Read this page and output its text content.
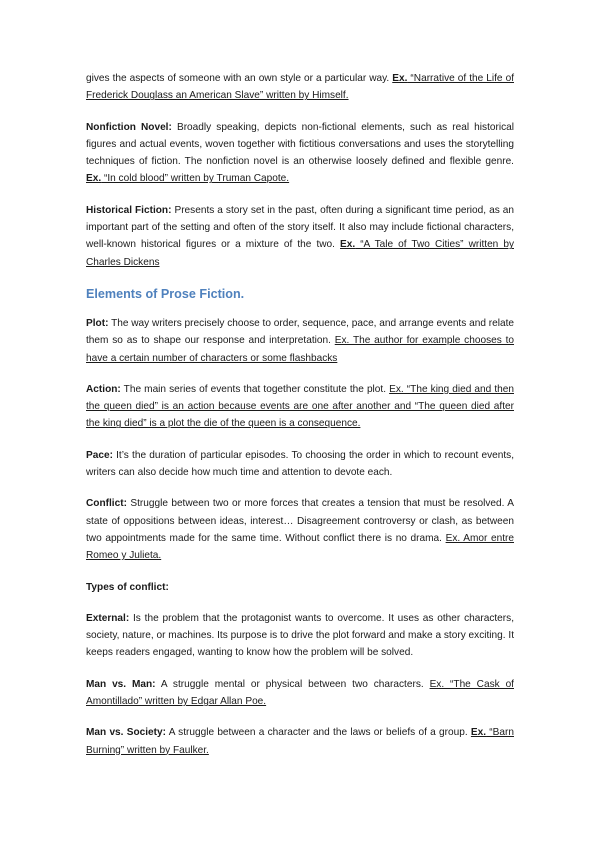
gives the aspects of someone with an own style or a particular way. Ex. “Narrative of the Life of Frederick Douglass an American Slave” written by Himself.

Nonfiction Novel: Broadly speaking, depicts non-fictional elements, such as real historical figures and actual events, woven together with fictitious conversations and uses the storytelling techniques of fiction. The nonfiction novel is an otherwise loosely defined and flexible genre. Ex. “In cold blood” written by Truman Capote.

Historical Fiction: Presents a story set in the past, often during a significant time period, as an important part of the setting and often of the story itself. It also may include fictional characters, well-known historical figures or a mixture of the two. Ex. “A Tale of Two Cities” written by Charles Dickens

Elements of Prose Fiction.

Plot: The way writers precisely choose to order, sequence, pace, and arrange events and relate them so as to shape our response and interpretation. Ex. The author for example chooses to have a certain number of characters or some flashbacks

Action: The main series of events that together constitute the plot. Ex. “The king died and then the queen died” is an action because events are one after another and “The queen died after the king died” is a plot the die of the queen is a consequence.

Pace: It’s the duration of particular episodes. To choosing the order in which to recount events, writers can also decide how much time and attention to devote each.

Conflict: Struggle between two or more forces that creates a tension that must be resolved. A state of oppositions between ideas, interest… Disagreement controversy or clash, as between two appointments made for the same time. Without conflict there is no drama. Ex. Amor entre Romeo y Julieta.

Types of conflict:

External: Is the problem that the protagonist wants to overcome. It uses as other characters, society, nature, or machines. Its purpose is to drive the plot forward and make a story exciting. It keeps readers engaged, wanting to know how the problem will be solved.

Man vs. Man: A struggle mental or physical between two characters. Ex. “The Cask of Amontillado” written by Edgar Allan Poe.

Man vs. Society: A struggle between a character and the laws or beliefs of a group. Ex. “Barn Burning” written by Faulker.
